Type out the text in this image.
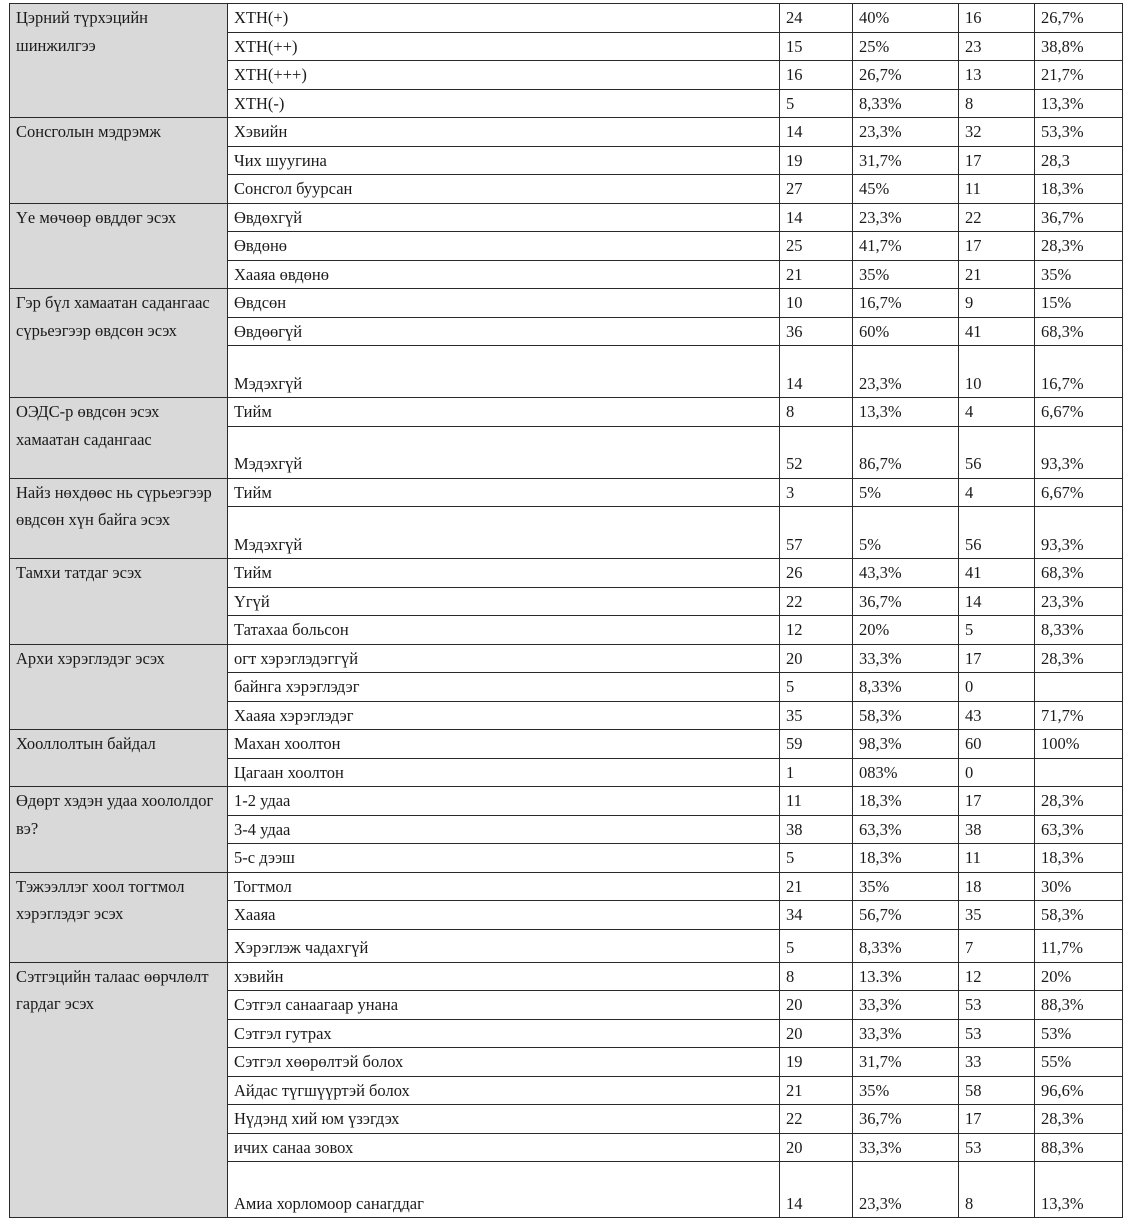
Цэрний түрхэцийн шинжилгээ	ХТН(+)	24	40%	16	26,7%
	ХТН(++)	15	25%	23	38,8%
	ХТН(+++)	16	26,7%	13	21,7%
	ХТН(-)	5	8,33%	8	13,3%
Сонсголын мэдрэмж	Хэвийн	14	23,3%	32	53,3%
	Чих шуугина	19	31,7%	17	28,3
	Сонсгол буурсан	27	45%	11	18,3%
Үе мөчөөр өвддөг эсэх	Өвдөхгүй	14	23,3%	22	36,7%
	Өвдөнө	25	41,7%	17	28,3%
	Хааяа өвдөнө	21	35%	21	35%
Гэр бүл хамаатан садангаас сүрьеэгээр өвдсөн эсэх	Өвдсөн	10	16,7%	9	15%
	Өвдөөгүй	36	60%	41	68,3%
	Мэдэхгүй	14	23,3%	10	16,7%
ОЭДС-р өвдсөн эсэх хамаатан садангаас	Тийм	8	13,3%	4	6,67%
	Мэдэхгүй	52	86,7%	56	93,3%
Найз нөхдөөс нь сүрьеэгээр өвдсөн хүн байга эсэх	Тийм	3	5%	4	6,67%
	Мэдэхгүй	57	5%	56	93,3%
Тамхи татдаг эсэх	Тийм	26	43,3%	41	68,3%
	Үгүй	22	36,7%	14	23,3%
	Татахаа больсон	12	20%	5	8,33%
Архи хэрэглэдэг эсэх	огт хэрэглэдэггүй	20	33,3%	17	28,3%
	байнга хэрэглэдэг	5	8,33%	0	
	Хааяа хэрэглэдэг	35	58,3%	43	71,7%
Хооллолтын байдал	Махан хоолтон	59	98,3%	60	100%
	Цагаан хоолтон	1	083%	0	
Өдөрт хэдэн удаа хоололдог вэ?	1-2 удаа	11	18,3%	17	28,3%
	3-4 удаа	38	63,3%	38	63,3%
	5-с дээш	5	18,3%	11	18,3%
Тэжээллэг хоол тогтмол хэрэглэдэг эсэх	Тогтмол	21	35%	18	30%
	Хааяа	34	56,7%	35	58,3%
	Хэрэглэж чадахгүй	5	8,33%	7	11,7%
Сэтгэцийн талаас өөрчлөлт гардаг эсэх	хэвийн	8	13.3%	12	20%
	Сэтгэл санаагаар унана	20	33,3%	53	88,3%
	Сэтгэл гутрах	20	33,3%	53	53%
	Сэтгэл хөөрөлтэй болох	19	31,7%	33	55%
	Айдас түгшүүртэй болох	21	35%	58	96,6%
	Нүдэнд хий юм үзэгдэх	22	36,7%	17	28,3%
	ичих санаа зовох	20	33,3%	53	88,3%
	Амиа хорломоор санагддаг	14	23,3%	8	13,3%
